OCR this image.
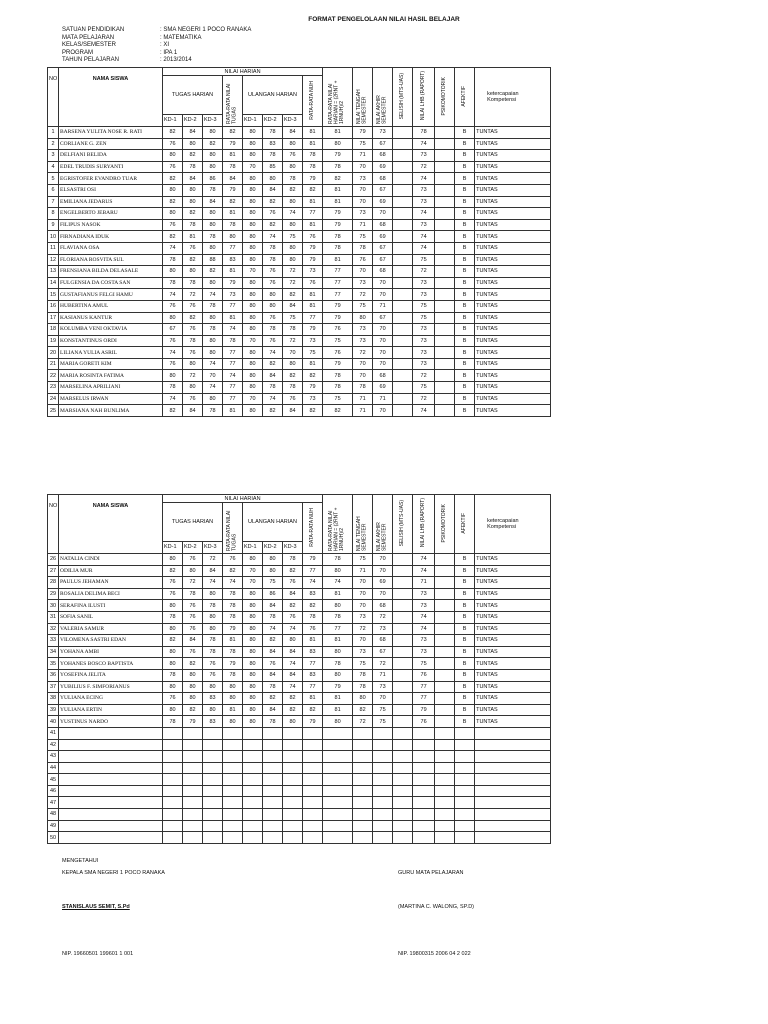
FORMAT PENGELOLAAN NILAI HASIL BELAJAR
SATUAN PENDIDIKAN	: SMA NEGERI 1 POCO RANAKA
MATA PELAJARAN	: MATEMATIKA
KELAS/SEMESTER	: XI
PROGRAM	: IPA 1
TAHUN PELAJARAN	: 2013/2014
NO	NAMA SISWA	NILAI HARIAN								RATA-RATA NILAI HARIAN = (2RNT + 1RNUH)/2	NILAI TENGAH SEMESTER	NILAI AKHIR SEMESTER	SELISIH (MTS-UAS)	NILAI LHB (RAPORT)	PSIKOMOTORIK	AFEKTIF	ketercapaian Kompetensi
		TUGAS HARIAN			RATA-RATA NILAI TUGAS	ULANGAN HARIAN			RATA-RATA NUH								
		KD-1	KD-2	KD-3		KD-1	KD-2	KD-3									
1	BARSENA YULITA NOSE R. RATI	82	84	80	82	80	78	84	81	81	79	73		78		B	TUNTAS
2	CORLIANE G. ZEN	76	80	82	79	80	83	80	81	80	75	67		74		B	TUNTAS
3	DELFIANI BELIDA	80	82	80	81	80	78	76	78	79	71	68		73		B	TUNTAS
4	EDEL TRUDIS SURYANTI	76	78	80	78	70	85	80	78	78	70	69		72		B	TUNTAS
5	EGRISTOFER EVANDRO TUAR	82	84	86	84	80	80	78	79	82	73	68		74		B	TUNTAS
6	ELSASTRI OSI	80	80	78	79	80	84	82	82	81	70	67		73		B	TUNTAS
7	EMILIANA JEDARUS	82	80	84	82	80	82	80	81	81	70	69		73		B	TUNTAS
8	ENGELBERTO JEBARU	80	82	80	81	80	76	74	77	79	73	70		74		B	TUNTAS
9	FILIPUS NASOK	76	78	80	78	80	82	80	81	79	71	68		73		B	TUNTAS
10	FIRNADIANA IDUK	82	81	78	80	80	74	75	76	78	75	69		74		B	TUNTAS
11	FLAVIANA OSA	74	76	80	77	80	78	80	79	78	78	67		74		B	TUNTAS
12	FLORIANA ROSVITA SUL	78	82	88	83	80	78	80	79	81	76	67		75		B	TUNTAS
13	FRENSIANA BILDA DELASALE	80	80	82	81	70	76	72	73	77	70	68		72		B	TUNTAS
14	FULGENSIA DA COSTA SAN	78	78	80	79	80	76	72	76	77	73	70		73		B	TUNTAS
15	GUSTAFIANUS FELGI HAMU	74	72	74	73	80	80	82	81	77	72	70		73		B	TUNTAS
16	HUBERTINA AMUL	76	76	78	77	80	80	84	81	79	75	71		75		B	TUNTAS
17	KASIANUS KANTUR	80	82	80	81	80	76	75	77	79	80	67		75		B	TUNTAS
18	KOLUMBA VENI OKTAVIA	67	76	78	74	80	78	78	79	76	73	70		73		B	TUNTAS
19	KONSTANTINUS ORDI	76	78	80	78	70	76	72	73	75	73	70		73		B	TUNTAS
20	LILIANA YULIA ASRIL	74	76	80	77	80	74	70	75	76	72	70		73		B	TUNTAS
21	MARIA GORETI KIM	76	80	74	77	80	82	80	81	79	70	70		73		B	TUNTAS
22	MARIA ROSINTA FATIMA	80	72	70	74	80	84	82	82	78	70	68		72		B	TUNTAS
23	MARSELINA APRILIANI	78	80	74	77	80	78	78	79	78	78	69		75		B	TUNTAS
24	MARSELUS IRWAN	74	76	80	77	70	74	76	73	75	71	71		72		B	TUNTAS
25	MARSIANA NAH BUNLIMA	82	84	78	81	80	82	84	82	82	71	70		74		B	TUNTAS
NO	NAMA SISWA	NILAI HARIAN								RATA-RATA NILAI HARIAN = (2RNT + 1RNUH)/2	NILAI TENGAH SEMESTER	NILAI AKHIR SEMESTER	SELISIH (MTS-UAS)	NILAI LHB (RAPORT)	PSIKOMOTORIK	AFEKTIF	ketercapaian Kompetensi
		TUGAS HARIAN			RATA-RATA NILAI TUGAS	ULANGAN HARIAN			RATA-RATA NUH								
		KD-1	KD-2	KD-3		KD-1	KD-2	KD-3									
26	NATALIA CINDI	80	76	72	76	80	80	78	79	78	75	70		74		B	TUNTAS
27	ODILIA MUR	82	80	84	82	70	80	82	77	80	71	70		74		B	TUNTAS
28	PAULUS JEHAMAN	76	72	74	74	70	75	76	74	74	70	69		71		B	TUNTAS
29	ROSALIA DELIMA BECI	76	78	80	78	80	86	84	83	81	70	70		73		B	TUNTAS
30	SERAFINA ILUSTI	80	76	78	78	80	84	82	82	80	70	68		73		B	TUNTAS
31	SOFIA SANIL	78	76	80	78	80	78	76	78	78	73	72		74		B	TUNTAS
32	VALERIA SAMUR	80	76	80	79	80	74	74	76	77	72	73		74		B	TUNTAS
33	VILOMENA SASTRI EDAN	82	84	78	81	80	82	80	81	81	70	68		73		B	TUNTAS
34	YOHANA AMBI	80	76	78	78	80	84	84	83	80	73	67		73		B	TUNTAS
35	YOHANES BOSCO BAPTISTA	80	82	76	79	80	76	74	77	78	75	72		75		B	TUNTAS
36	YOSEFINA JELITA	78	80	76	78	80	84	84	83	80	78	71		76		B	TUNTAS
37	YUBILIUS F. SIMFORIANUS	80	80	80	80	80	78	74	77	79	78	73		77		B	TUNTAS
38	YULIANA ECING	76	80	83	80	80	82	82	81	81	80	70		77		B	TUNTAS
39	YULIANA ERTIN	80	82	80	81	80	84	82	82	81	82	75		79		B	TUNTAS
40	YUSTINUS NARDO	78	79	83	80	80	78	80	79	80	72	75		76		B	TUNTAS
41																	
42																	
43																	
44																	
45																	
46																	
47																	
48																	
49																	
50																	
MENGETAHUI
KEPALA SMA NEGERI 1 POCO RANAKA
STANISLAUS SEMIT, S.Pd
NIP. 19660501 199601 1 001
GURU MATA PELAJARAN
(MARTINA C. WALONG, SP.D)
NIP. 19800315 2006 04 2 022
